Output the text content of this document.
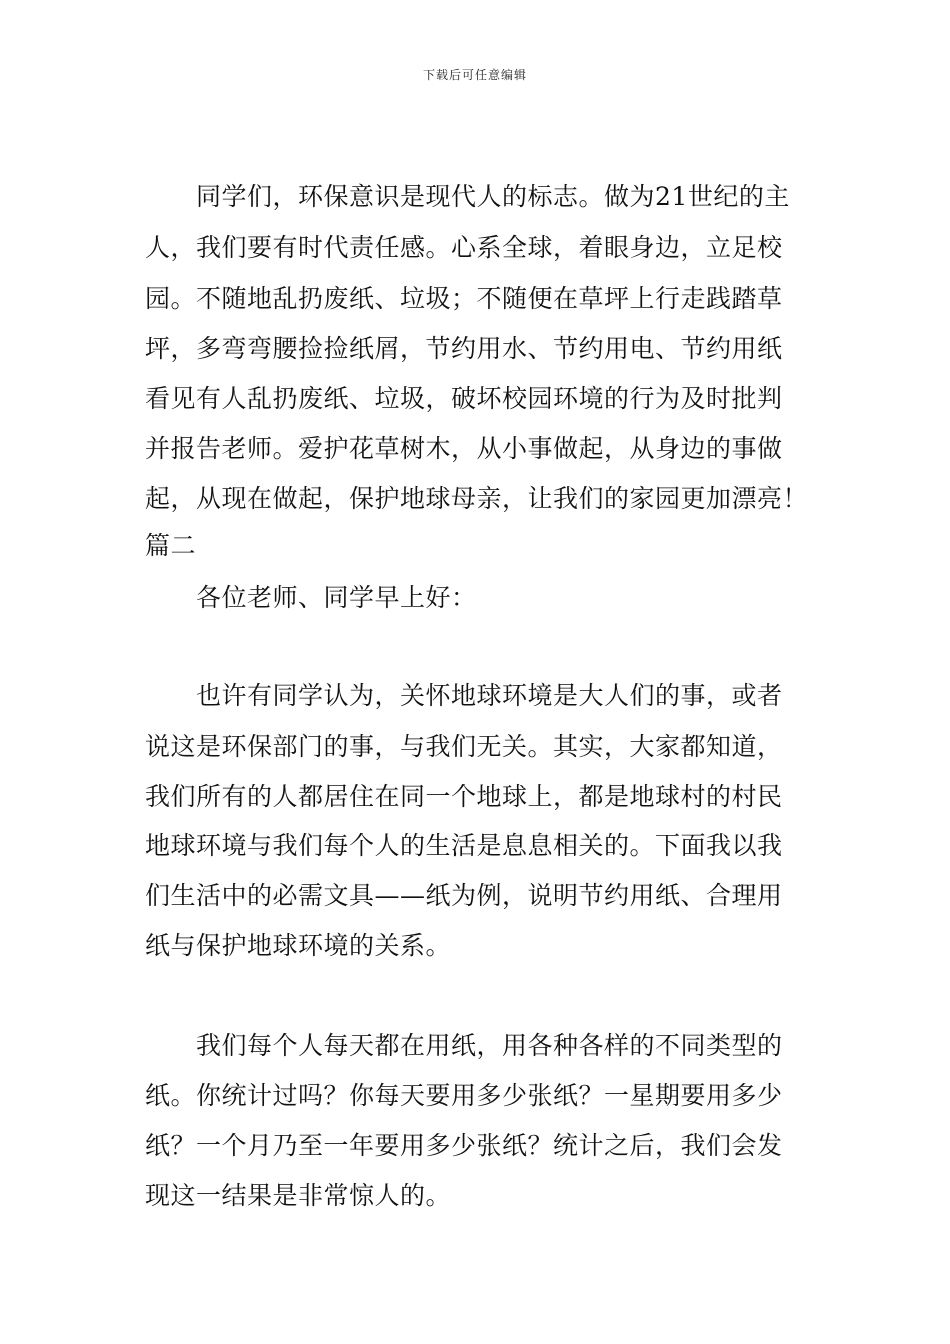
下载后可任意编辑
　　同学们，环保意识是现代人的标志。做为21世纪的主
人，我们要有时代责任感。心系全球，着眼身边，立足校
园。不随地乱扔废纸、垃圾；不随便在草坪上行走践踏草
坪，多弯弯腰捡捡纸屑，节约用水、节约用电、节约用纸
看见有人乱扔废纸、垃圾，破坏校园环境的行为及时批判
并报告老师。爱护花草树木，从小事做起，从身边的事做
起，从现在做起，保护地球母亲，让我们的家园更加漂亮！
篇二
　　各位老师、同学早上好：
　　也许有同学认为，关怀地球环境是大人们的事，或者
说这是环保部门的事，与我们无关。其实，大家都知道，
我们所有的人都居住在同一个地球上，都是地球村的村民
地球环境与我们每个人的生活是息息相关的。下面我以我
们生活中的必需文具——纸为例，说明节约用纸、合理用
纸与保护地球环境的关系。
　　我们每个人每天都在用纸，用各种各样的不同类型的
纸。你统计过吗？你每天要用多少张纸？一星期要用多少
纸？一个月乃至一年要用多少张纸？统计之后，我们会发
现这一结果是非常惊人的。
